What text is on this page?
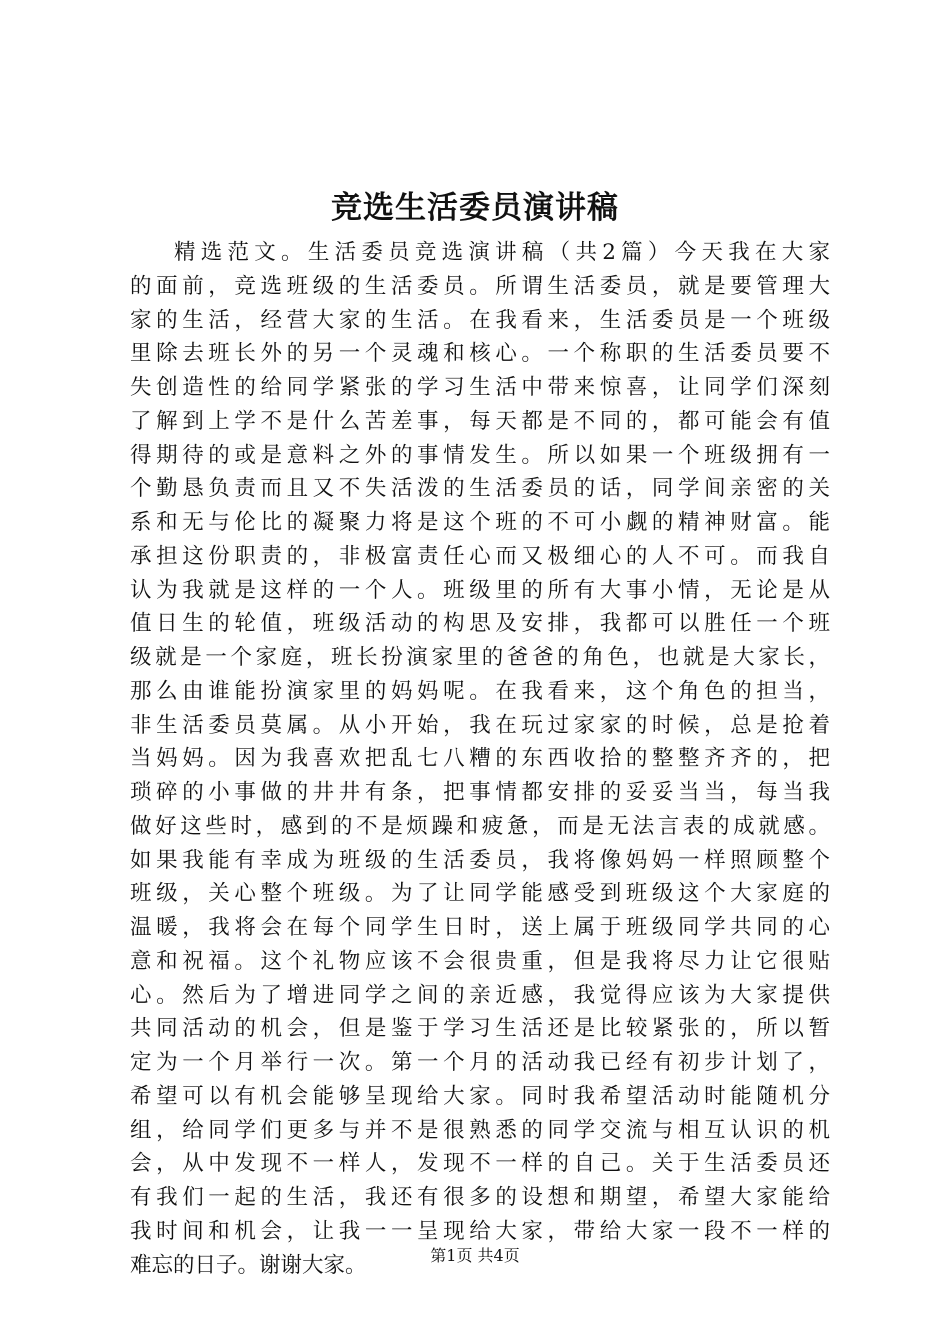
竞选生活委员演讲稿
精选范文。生活委员竞选演讲稿（共2篇）今天我在大家
的面前，竞选班级的生活委员。所谓生活委员，就是要管理大
家的生活，经营大家的生活。在我看来，生活委员是一个班级
里除去班长外的另一个灵魂和核心。一个称职的生活委员要不
失创造性的给同学紧张的学习生活中带来惊喜，让同学们深刻
了解到上学不是什么苦差事，每天都是不同的，都可能会有值
得期待的或是意料之外的事情发生。所以如果一个班级拥有一
个勤恳负责而且又不失活泼的生活委员的话，同学间亲密的关
系和无与伦比的凝聚力将是这个班的不可小觑的精神财富。能
承担这份职责的，非极富责任心而又极细心的人不可。而我自
认为我就是这样的一个人。班级里的所有大事小情，无论是从
值日生的轮值，班级活动的构思及安排，我都可以胜任一个班
级就是一个家庭，班长扮演家里的爸爸的角色，也就是大家长，
那么由谁能扮演家里的妈妈呢。在我看来，这个角色的担当，
非生活委员莫属。从小开始，我在玩过家家的时候，总是抢着
当妈妈。因为我喜欢把乱七八糟的东西收拾的整整齐齐的，把
琐碎的小事做的井井有条，把事情都安排的妥妥当当，每当我
做好这些时，感到的不是烦躁和疲惫，而是无法言表的成就感。
如果我能有幸成为班级的生活委员，我将像妈妈一样照顾整个
班级，关心整个班级。为了让同学能感受到班级这个大家庭的
温暖，我将会在每个同学生日时，送上属于班级同学共同的心
意和祝福。这个礼物应该不会很贵重，但是我将尽力让它很贴
心。然后为了增进同学之间的亲近感，我觉得应该为大家提供
共同活动的机会，但是鉴于学习生活还是比较紧张的，所以暂
定为一个月举行一次。第一个月的活动我已经有初步计划了，
希望可以有机会能够呈现给大家。同时我希望活动时能随机分
组，给同学们更多与并不是很熟悉的同学交流与相互认识的机
会，从中发现不一样人，发现不一样的自己。关于生活委员还
有我们一起的生活，我还有很多的设想和期望，希望大家能给
我时间和机会，让我一一呈现给大家，带给大家一段不一样的
难忘的日子。谢谢大家。	第1页 共4页
